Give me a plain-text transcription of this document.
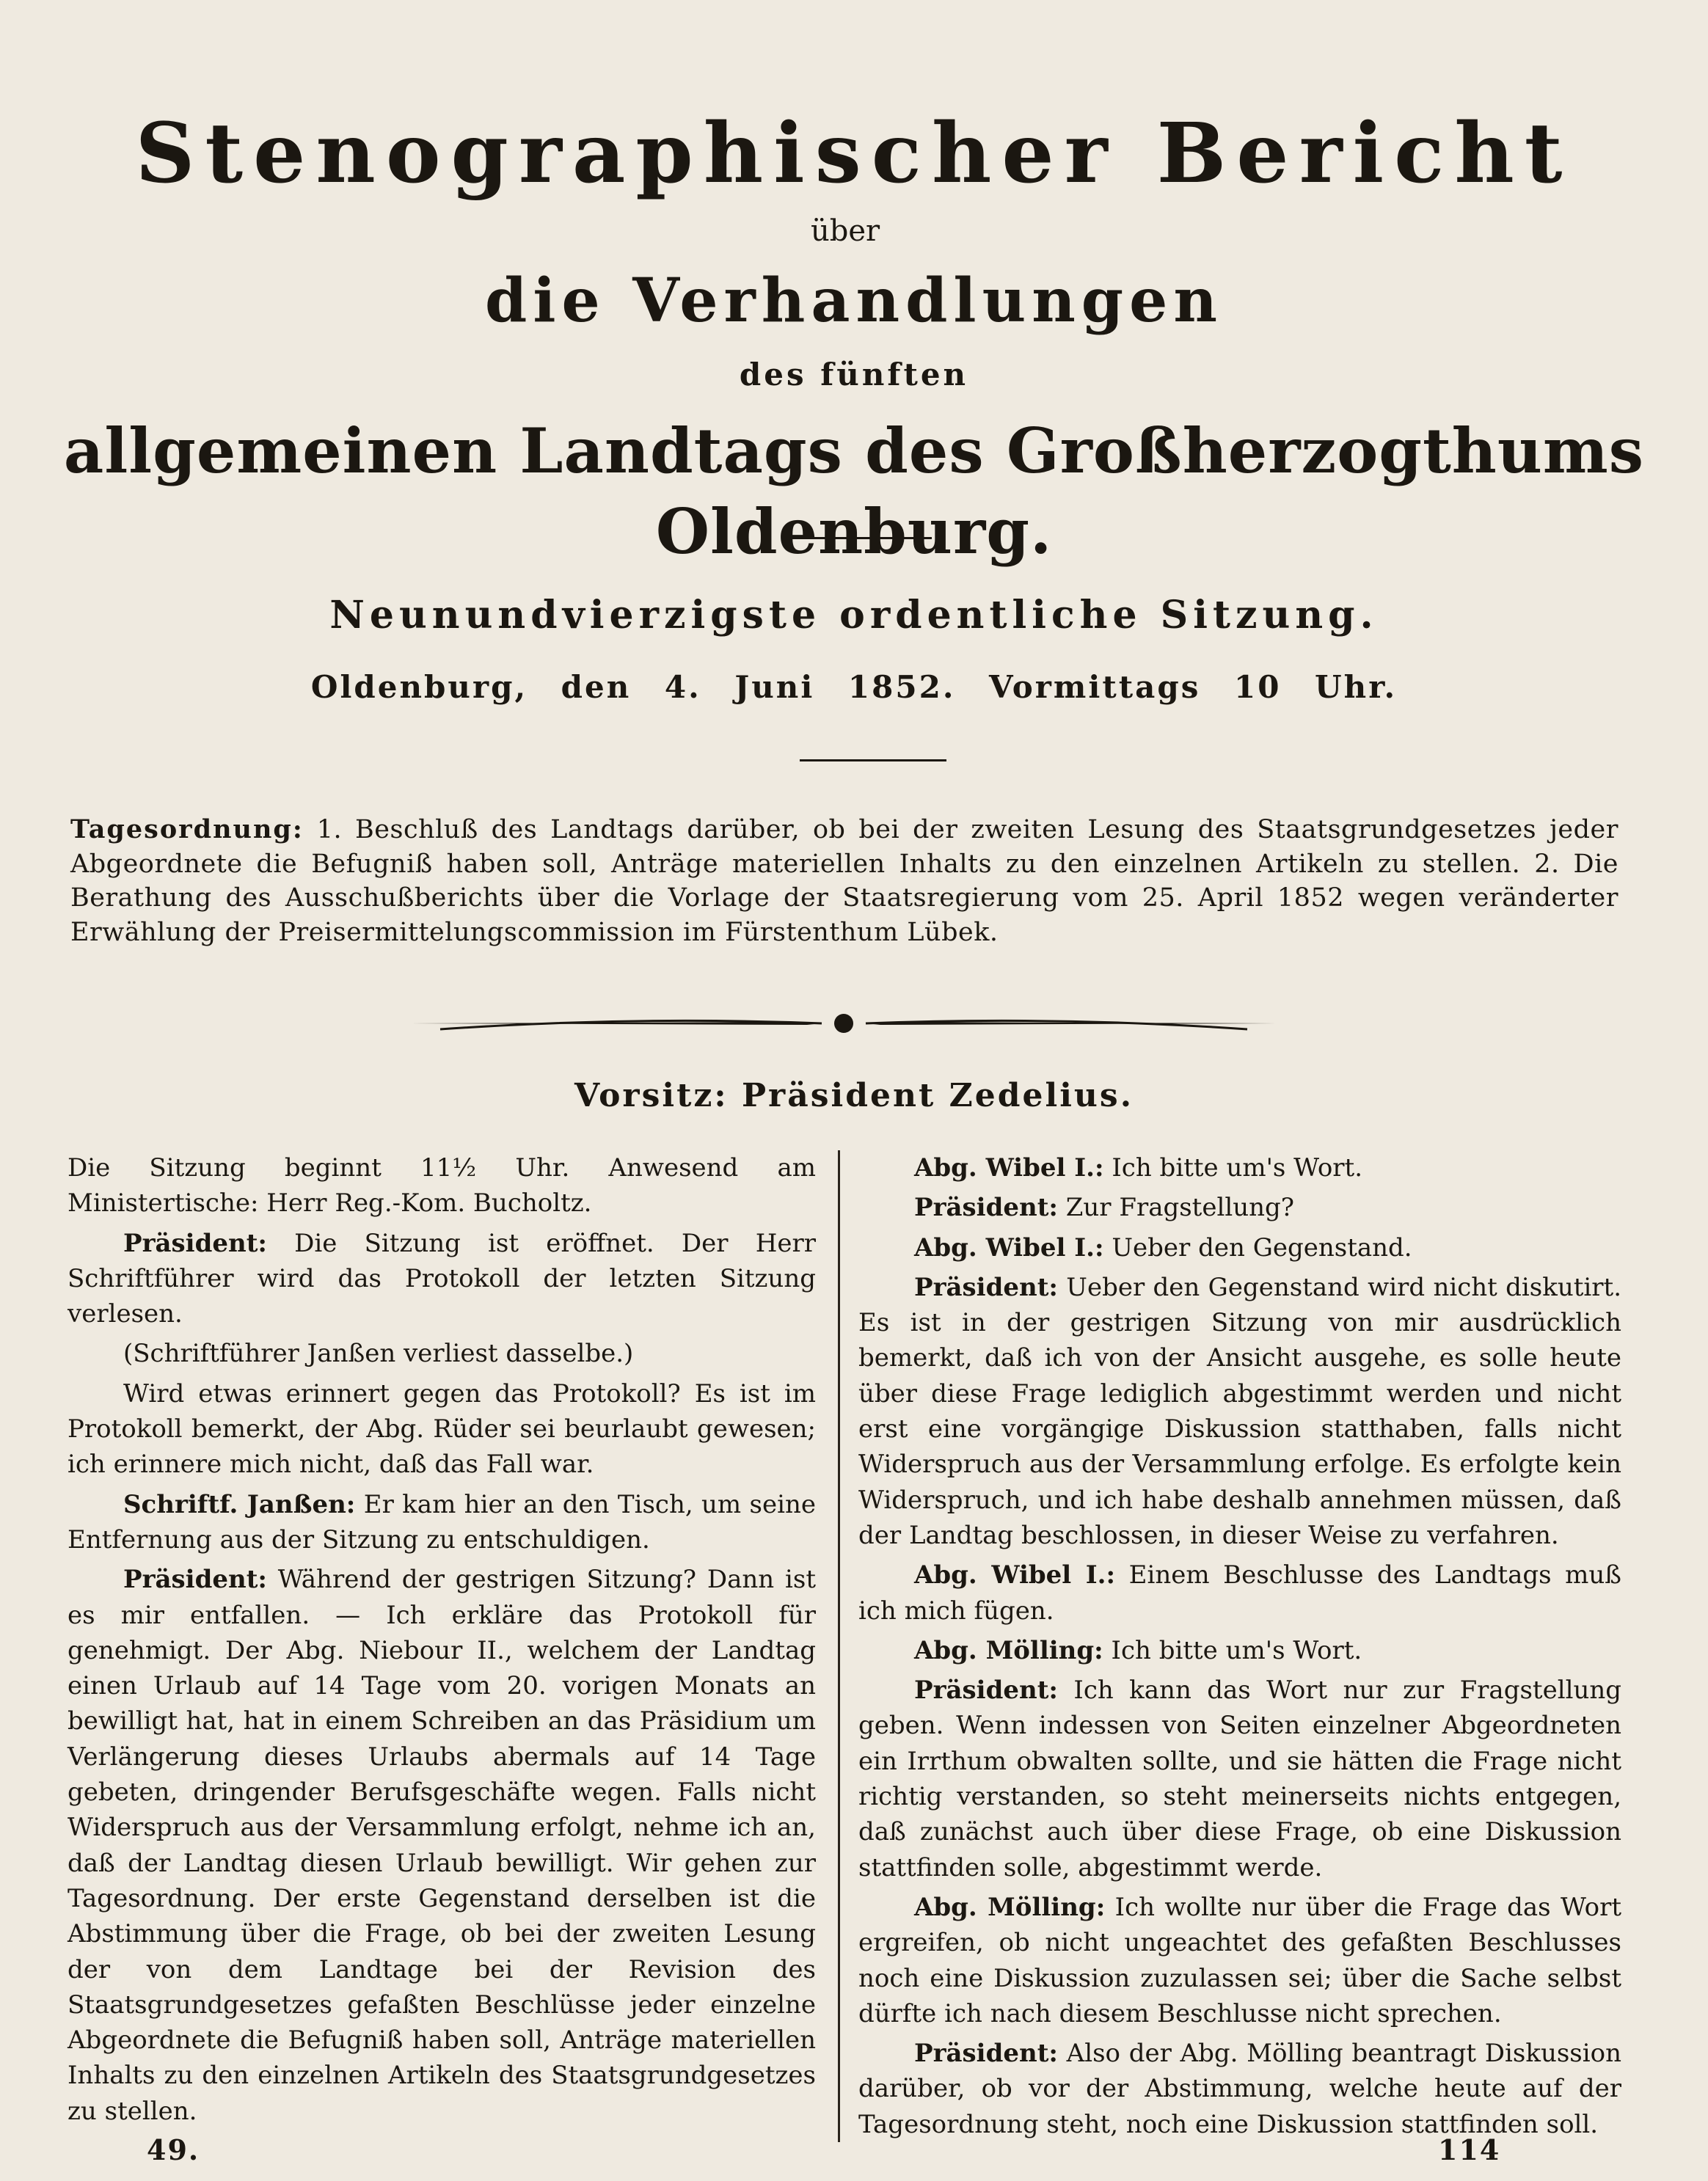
Stenographischer Bericht
über
die Verhandlungen
des fünften
allgemeinen Landtags des Großherzogthums Oldenburg.
Neunundvierzigste ordentliche Sitzung.
Oldenburg, den 4. Juni 1852. Vormittags 10 Uhr.
Tagesordnung: 1. Beschluß des Landtags darüber, ob bei der zweiten Lesung des Staatsgrundgesetzes jeder Abgeordnete die Befugniß haben soll, Anträge materiellen Inhalts zu den einzelnen Artikeln zu stellen. 2. Die Berathung des Ausschußberichts über die Vorlage der Staatsregierung vom 25. April 1852 wegen veränderter Erwählung der Preisermittelungscommission im Fürstenthum Lübek.
Vorsitz: Präsident Zedelius.

Die Sitzung beginnt 11½ Uhr. Anwesend am Ministertische: Herr Reg.-Kom. Bucholtz.

Präsident: Die Sitzung ist eröffnet. Der Herr Schriftführer wird das Protokoll der letzten Sitzung verlesen.

(Schriftführer Janßen verliest dasselbe.)

Wird etwas erinnert gegen das Protokoll? Es ist im Protokoll bemerkt, der Abg. Rüder sei beurlaubt gewesen; ich erinnere mich nicht, daß das Fall war.

Schriftf. Janßen: Er kam hier an den Tisch, um seine Entfernung aus der Sitzung zu entschuldigen.

Präsident: Während der gestrigen Sitzung? Dann ist es mir entfallen. — Ich erkläre das Protokoll für genehmigt. Der Abg. Niebour II., welchem der Landtag einen Urlaub auf 14 Tage vom 20. vorigen Monats an bewilligt hat, hat in einem Schreiben an das Präsidium um Verlängerung dieses Urlaubs abermals auf 14 Tage gebeten, dringender Berufsgeschäfte wegen. Falls nicht Widerspruch aus der Versammlung erfolgt, nehme ich an, daß der Landtag diesen Urlaub bewilligt. Wir gehen zur Tagesordnung. Der erste Gegenstand derselben ist die Abstimmung über die Frage, ob bei der zweiten Lesung der von dem Landtage bei der Revision des Staatsgrundgesetzes gefaßten Beschlüsse jeder einzelne Abgeordnete die Befugniß haben soll, Anträge materiellen Inhalts zu den einzelnen Artikeln des Staatsgrundgesetzes zu stellen.

Abg. Wibel I.: Ich bitte um's Wort.

Präsident: Zur Fragstellung?

Abg. Wibel I.: Ueber den Gegenstand.

Präsident: Ueber den Gegenstand wird nicht diskutirt. Es ist in der gestrigen Sitzung von mir ausdrücklich bemerkt, daß ich von der Ansicht ausgehe, es solle heute über diese Frage lediglich abgestimmt werden und nicht erst eine vorgängige Diskussion statthaben, falls nicht Widerspruch aus der Versammlung erfolge. Es erfolgte kein Widerspruch, und ich habe deshalb annehmen müssen, daß der Landtag beschlossen, in dieser Weise zu verfahren.

Abg. Wibel I.: Einem Beschlusse des Landtags muß ich mich fügen.

Abg. Mölling: Ich bitte um's Wort.

Präsident: Ich kann das Wort nur zur Fragstellung geben. Wenn indessen von Seiten einzelner Abgeordneten ein Irrthum obwalten sollte, und sie hätten die Frage nicht richtig verstanden, so steht meinerseits nichts entgegen, daß zunächst auch über diese Frage, ob eine Diskussion stattfinden solle, abgestimmt werde.

Abg. Mölling: Ich wollte nur über die Frage das Wort ergreifen, ob nicht ungeachtet des gefaßten Beschlusses noch eine Diskussion zuzulassen sei; über die Sache selbst dürfte ich nach diesem Beschlusse nicht sprechen.

Präsident: Also der Abg. Mölling beantragt Diskussion darüber, ob vor der Abstimmung, welche heute auf der Tagesordnung steht, noch eine Diskussion stattfinden soll.

49.	114
